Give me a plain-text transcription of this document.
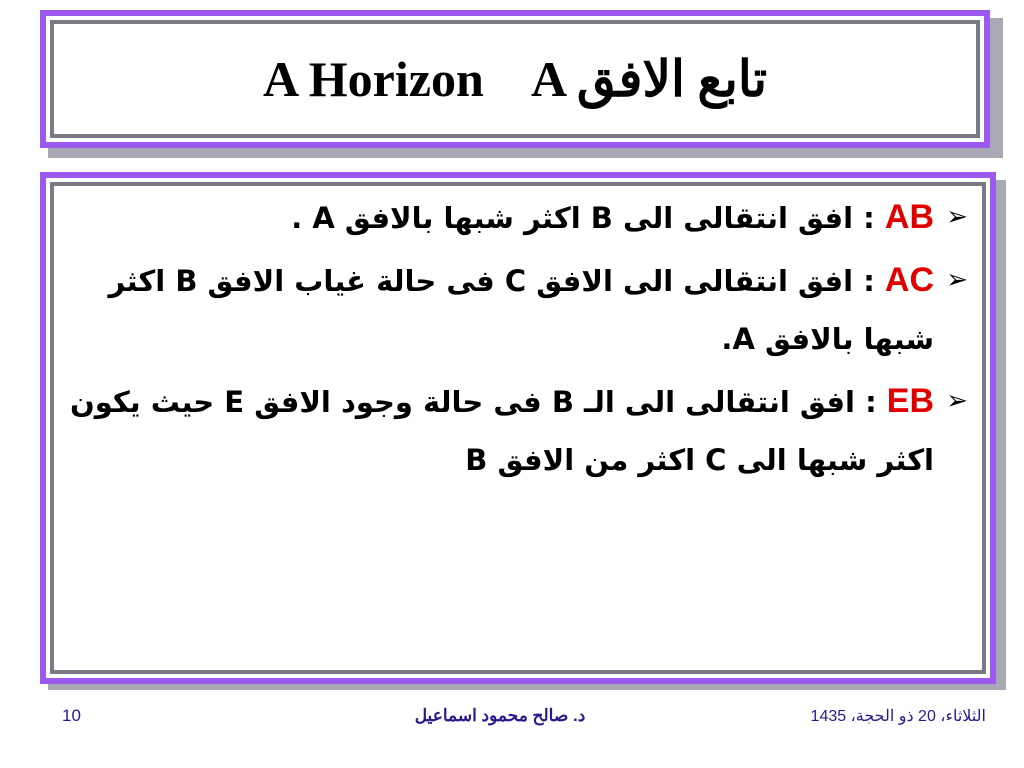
A Horizon    A تابع الافق
➢
AB : افق انتقالى الى B اكثر شبها بالافق A .
➢
AC : افق انتقالى الى الافق C فى حالة غياب الافق B اكثر شبها بالافق A.
➢
EB : افق انتقالى الى الـ B فى حالة وجود الافق E حيث يكون اكثر شبها الى C اكثر من الافق B
10	د. صالح محمود اسماعيل	الثلاثاء، 20 ذو الحجة، 1435
